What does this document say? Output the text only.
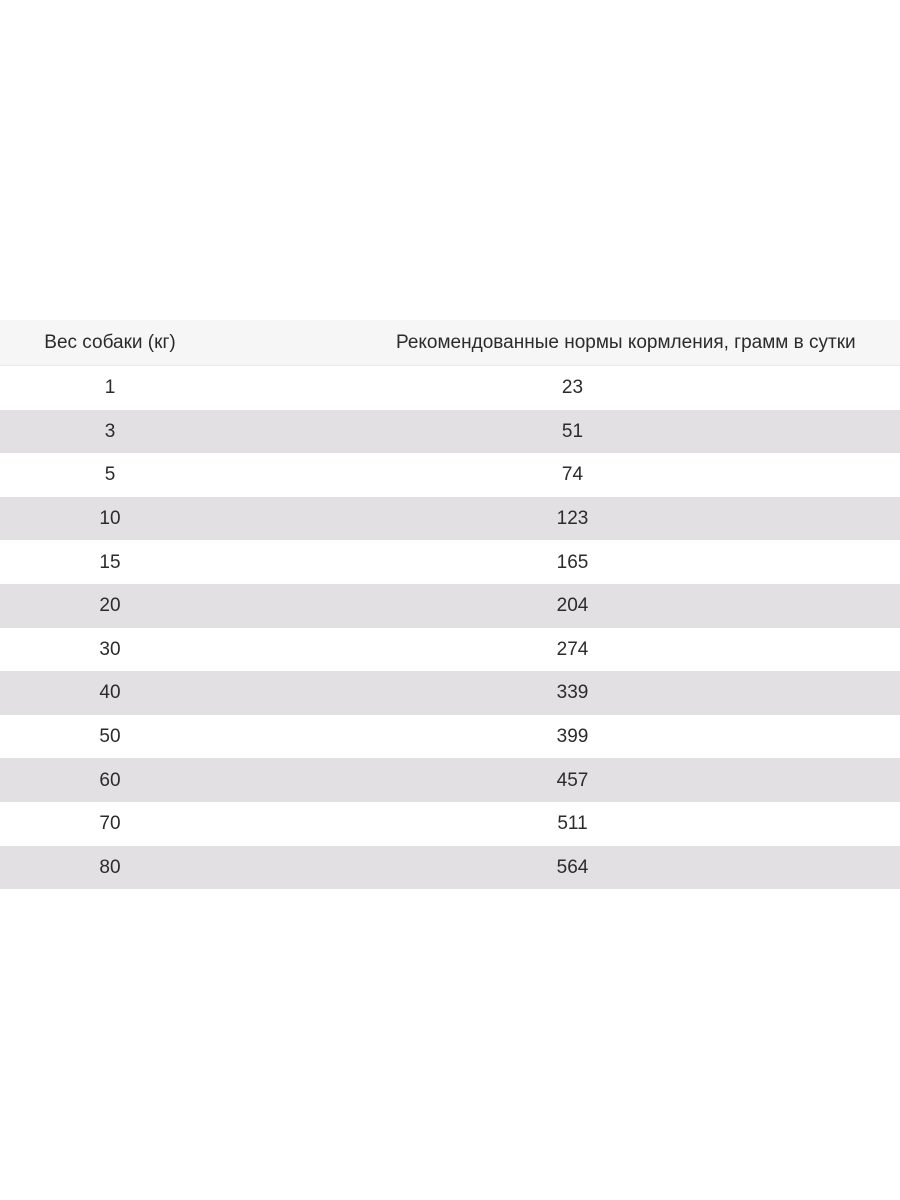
Вес собаки (кг)	Рекомендованные нормы кормления, грамм в сутки
1	23
3	51
5	74
10	123
15	165
20	204
30	274
40	339
50	399
60	457
70	511
80	564
